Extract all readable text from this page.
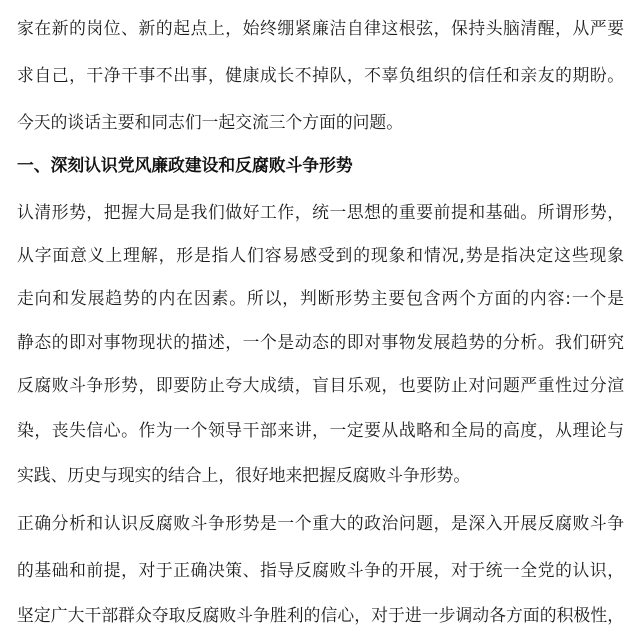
家在新的岗位、新的起点上，始终绷紧廉洁自律这根弦，保持头脑清醒，从严要
求自己，干净干事不出事，健康成长不掉队，不辜负组织的信任和亲友的期盼。
今天的谈话主要和同志们一起交流三个方面的问题。
一、深刻认识党风廉政建设和反腐败斗争形势
认清形势，把握大局是我们做好工作，统一思想的重要前提和基础。所谓形势，
从字面意义上理解，形是指人们容易感受到的现象和情况,势是指决定这些现象
走向和发展趋势的内在因素。所以，判断形势主要包含两个方面的内容:一个是
静态的即对事物现状的描述，一个是动态的即对事物发展趋势的分析。我们研究
反腐败斗争形势，即要防止夸大成绩，盲目乐观，也要防止对问题严重性过分渲
染，丧失信心。作为一个领导干部来讲，一定要从战略和全局的高度，从理论与
实践、历史与现实的结合上，很好地来把握反腐败斗争形势。
正确分析和认识反腐败斗争形势是一个重大的政治问题，是深入开展反腐败斗争
的基础和前提，对于正确决策、指导反腐败斗争的开展，对于统一全党的认识，
坚定广大干部群众夺取反腐败斗争胜利的信心，对于进一步调动各方面的积极性，
